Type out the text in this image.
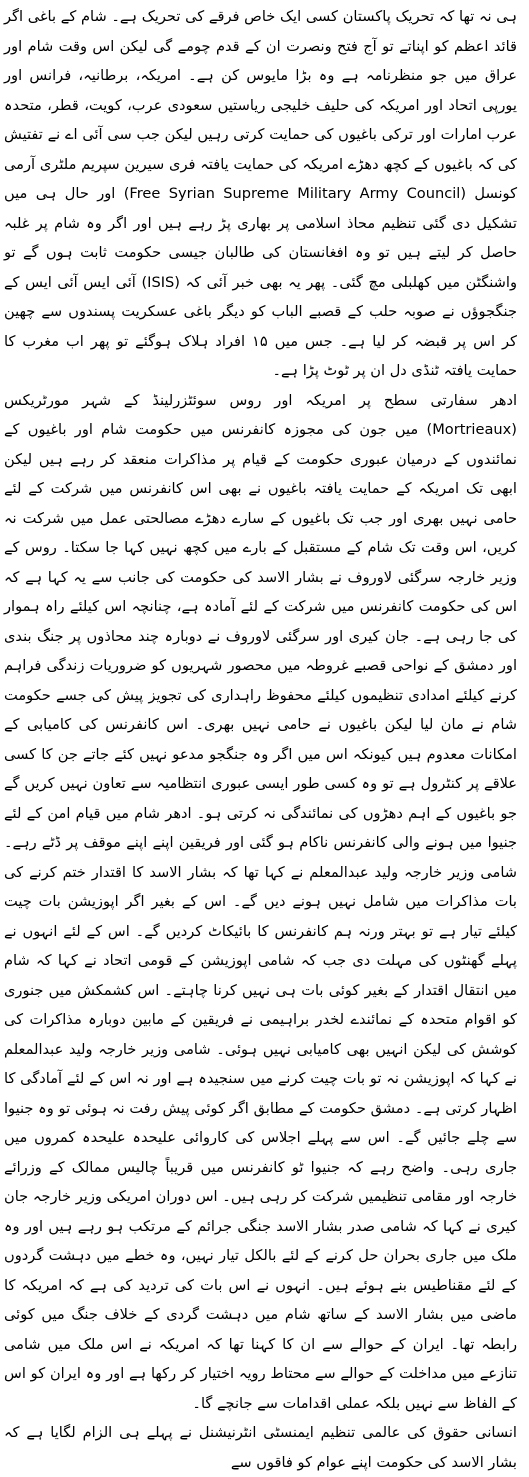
ہی نہ تھا کہ تحریک پاکستان کسی ایک خاص فرقے کی تحریک ہے۔ شام کے باغی اگر قائد اعظم کو اپناتے تو آج فتح ونصرت ان کے قدم چومے گی لیکن اس وقت شام اور عراق میں جو منظرنامہ ہے وہ بڑا مایوس کن ہے۔ امریکہ، برطانیہ، فرانس اور یورپی اتحاد اور امریکہ کی حلیف خلیجی ریاستیں سعودی عرب، کویت، قطر، متحدہ عرب امارات اور ترکی باغیوں کی حمایت کرتی رہیں لیکن جب سی آئی اے نے تفتیش کی کہ باغیوں کے کچھ دھڑے امریکہ کی حمایت یافتہ فری سیرین سپریم ملٹری آرمی کونسل (Free Syrian Supreme Military Army Council) اور حال ہی میں تشکیل دی گئی تنظیم محاذ اسلامی پر بھاری پڑ رہے ہیں اور اگر وہ شام پر غلبہ حاصل کر لیتے ہیں تو وہ افغانستان کی طالبان جیسی حکومت ثابت ہوں گے تو واشنگٹن میں کھلبلی مچ گئی۔ پھر یہ بھی خبر آئی کہ (ISIS) آئی ایس آئی ایس کے جنگجوؤں نے صوبہ حلب کے قصبے الباب کو دیگر باغی عسکریت پسندوں سے چھین کر اس پر قبضہ کر لیا ہے۔ جس میں ۱۵ افراد ہلاک ہوگئے تو پھر اب مغرب کا حمایت یافتہ ٹنڈی دل ان پر ٹوٹ پڑا ہے۔

ادھر سفارتی سطح پر امریکہ اور روس سوئٹزرلینڈ کے شہر مورٹریکس (Mortrieaux) میں جون کی مجوزہ کانفرنس میں حکومت شام اور باغیوں کے نمائندوں کے درمیان عبوری حکومت کے قیام پر مذاکرات منعقد کر رہے ہیں لیکن ابھی تک امریکہ کے حمایت یافتہ باغیوں نے بھی اس کانفرنس میں شرکت کے لئے حامی نہیں بھری اور جب تک باغیوں کے سارے دھڑے مصالحتی عمل میں شرکت نہ کریں، اس وقت تک شام کے مستقبل کے بارے میں کچھ نہیں کہا جا سکتا۔ روس کے وزیر خارجہ سرگئی لاوروف نے بشار الاسد کی حکومت کی جانب سے یہ کہا ہے کہ اس کی حکومت کانفرنس میں شرکت کے لئے آمادہ ہے، چنانچہ اس کیلئے راہ ہموار کی جا رہی ہے۔ جان کیری اور سرگئی لاوروف نے دوبارہ چند محاذوں پر جنگ بندی اور دمشق کے نواحی قصبے غروطہ میں محصور شہریوں کو ضروریات زندگی فراہم کرنے کیلئے امدادی تنظیموں کیلئے محفوظ راہداری کی تجویز پیش کی جسے حکومت شام نے مان لیا لیکن باغیوں نے حامی نہیں بھری۔ اس کانفرنس کی کامیابی کے امکانات معدوم ہیں کیونکہ اس میں اگر وہ جنگجو مدعو نہیں کئے جاتے جن کا کسی علاقے پر کنٹرول ہے تو وہ کسی طور ایسی عبوری انتظامیہ سے تعاون نہیں کریں گے جو باغیوں کے اہم دھڑوں کی نمائندگی نہ کرتی ہو۔ ادھر شام میں قیام امن کے لئے جنیوا میں ہونے والی کانفرنس ناکام ہو گئی اور فریقین اپنے اپنے موقف پر ڈٹے رہے۔ شامی وزیر خارجہ ولید عبدالمعلم نے کہا تھا کہ بشار الاسد کا اقتدار ختم کرنے کی بات مذاکرات میں شامل نہیں ہونے دیں گے۔ اس کے بغیر اگر اپوزیشن بات چیت کیلئے تیار ہے تو بہتر ورنہ ہم کانفرنس کا بائیکاٹ کردیں گے۔ اس کے لئے انہوں نے پہلے گھنٹوں کی مہلت دی جب کہ شامی اپوزیشن کے قومی اتحاد نے کہا کہ شام میں انتقال اقتدار کے بغیر کوئی بات ہی نہیں کرنا چاہتے۔ اس کشمکش میں جنوری کو اقوام متحدہ کے نمائندے لخدر براہیمی نے فریقین کے مابین دوبارہ مذاکرات کی کوشش کی لیکن انہیں بھی کامیابی نہیں ہوئی۔ شامی وزیر خارجہ ولید عبدالمعلم نے کہا کہ اپوزیشن نہ تو بات چیت کرنے میں سنجیدہ ہے اور نہ اس کے لئے آمادگی کا اظہار کرتی ہے۔ دمشق حکومت کے مطابق اگر کوئی پیش رفت نہ ہوئی تو وہ جنیوا سے چلے جائیں گے۔ اس سے پہلے اجلاس کی کاروائی علیحدہ علیحدہ کمروں میں جاری رہی۔ واضح رہے کہ جنیوا ٹو کانفرنس میں قریباً چالیس ممالک کے وزرائے خارجہ اور مقامی تنظیمیں شرکت کر رہی ہیں۔ اس دوران امریکی وزیر خارجہ جان کیری نے کہا کہ شامی صدر بشار الاسد جنگی جرائم کے مرتکب ہو رہے ہیں اور وہ ملک میں جاری بحران حل کرنے کے لئے بالکل تیار نہیں، وہ خطے میں دہشت گردوں کے لئے مقناطیس بنے ہوئے ہیں۔ انہوں نے اس بات کی تردید کی ہے کہ امریکہ کا ماضی میں بشار الاسد کے ساتھ شام میں دہشت گردی کے خلاف جنگ میں کوئی رابطہ تھا۔ ایران کے حوالے سے ان کا کہنا تھا کہ امریکہ نے اس ملک میں شامی تنازعے میں مداخلت کے حوالے سے محتاط رویہ اختیار کر رکھا ہے اور وہ ایران کو اس کے الفاظ سے نہیں بلکہ عملی اقدامات سے جانچے گا۔

انسانی حقوق کی عالمی تنظیم ایمنسٹی انٹرنیشنل نے پہلے ہی الزام لگایا ہے کہ بشار الاسد کی حکومت اپنے عوام کو فاقوں سے
